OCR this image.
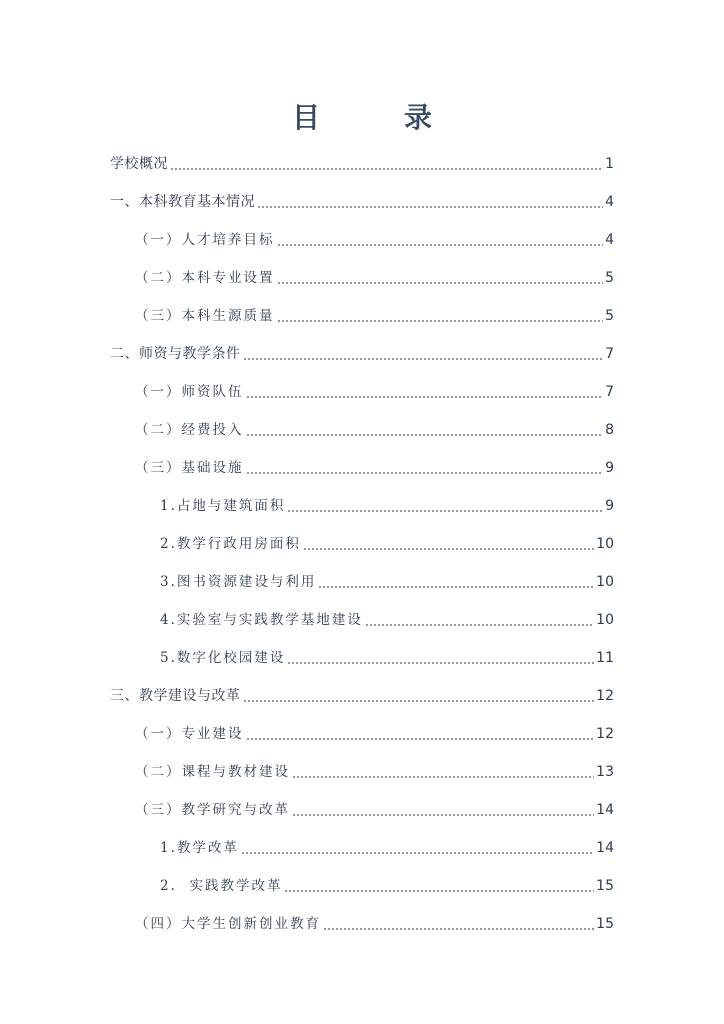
目　录
学校概况	1
一、本科教育基本情况	4
（一）人才培养目标	4
（二）本科专业设置	5
（三）本科生源质量	5
二、师资与教学条件	7
（一）师资队伍	7
（二）经费投入	8
（三）基础设施	9
1.占地与建筑面积	9
2.教学行政用房面积	10
3.图书资源建设与利用	10
4.实验室与实践教学基地建设	10
5.数字化校园建设	11
三、教学建设与改革	12
（一）专业建设	12
（二）课程与教材建设	13
（三）教学研究与改革	14
1.教学改革	14
2.  实践教学改革	15
（四）大学生创新创业教育	15
